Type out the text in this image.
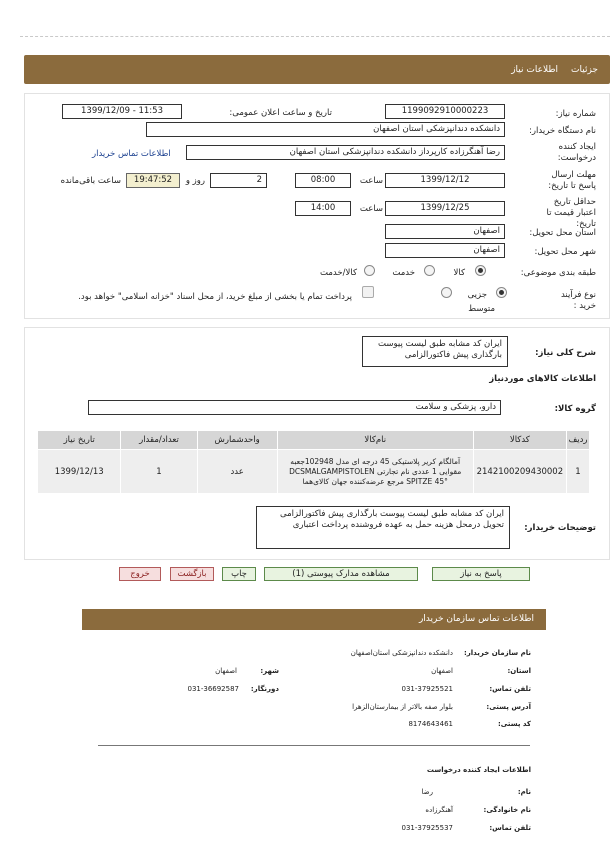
جزئیات
اطلاعات نیاز
شماره نیاز:
1199092910000223
تاریخ و ساعت اعلان عمومی:
1399/12/09 - 11:53
نام دستگاه خریدار:
دانشکده دندانپزشکی استان اصفهان
ایجاد کننده درخواست:
رضا آهنگرزاده کارپرداز دانشکده دندانپزشکی استان اصفهان
اطلاعات تماس خریدار
مهلت ارسال پاسخ تا تاریخ:
1399/12/12
ساعت
08:00
2
روز و
19:47:52
ساعت باقی‌مانده
حداقل تاریخ اعتبار قیمت تا تاریخ:
1399/12/25
ساعت
14:00
استان محل تحویل:
اصفهان
شهر محل تحویل:
اصفهان
طبقه بندی موضوعی:
کالا
خدمت
کالا/خدمت
نوع فرآیند خرید :
جزیی
متوسط
پرداخت تمام یا بخشی از مبلغ خرید، از محل اسناد "خزانه اسلامی" خواهد بود.
شرح کلی نیاز:
ایران کد مشابه طبق لیست پیوست بارگذاری پیش فاکتورالزامی
اطلاعات کالاهای موردنیاز
گروه کالا:
دارو، پزشکی و سلامت
ردیف	کدکالا	نام‌کالا	واحدشمارش	تعداد/مقدار	تاریخ نیاز
1	2142100209430002	آمالگام کریر پلاستیکی 45 درجه ای مدل 102948جعبه مقوایی 1 عددی نام تجارتی DCSMALGAMPISTOLEN SPITZE 45° مرجع عرضه‌کننده جهان کالای‌هما	عدد	1	1399/12/13
توضیحات خریدار:
ایران کد مشابه طبق لیست پیوست بارگذاری پیش فاکتورالزامی تحویل درمحل هزینه حمل به عهده فروشنده پرداخت اعتباری
پاسخ به نیاز
مشاهده مدارک پیوستی (1)
چاپ
بازگشت
خروج
اطلاعات تماس سازمان خریدار
نام سازمان خریدار:
دانشکده دندانپزشکی استان‌اصفهان
استان:
اصفهان
شهر:
اصفهان
تلفن تماس:
031-37925521
دورنگار:
031-36692587
آدرس پستی:
بلوار صفه بالاتر از بیمارستان‌الزهرا
کد پستی:
8174643461
اطلاعات ایجاد کننده درخواست
نام:
رضا
نام خانوادگی:
آهنگرزاده
تلفن تماس:
031-37925537
